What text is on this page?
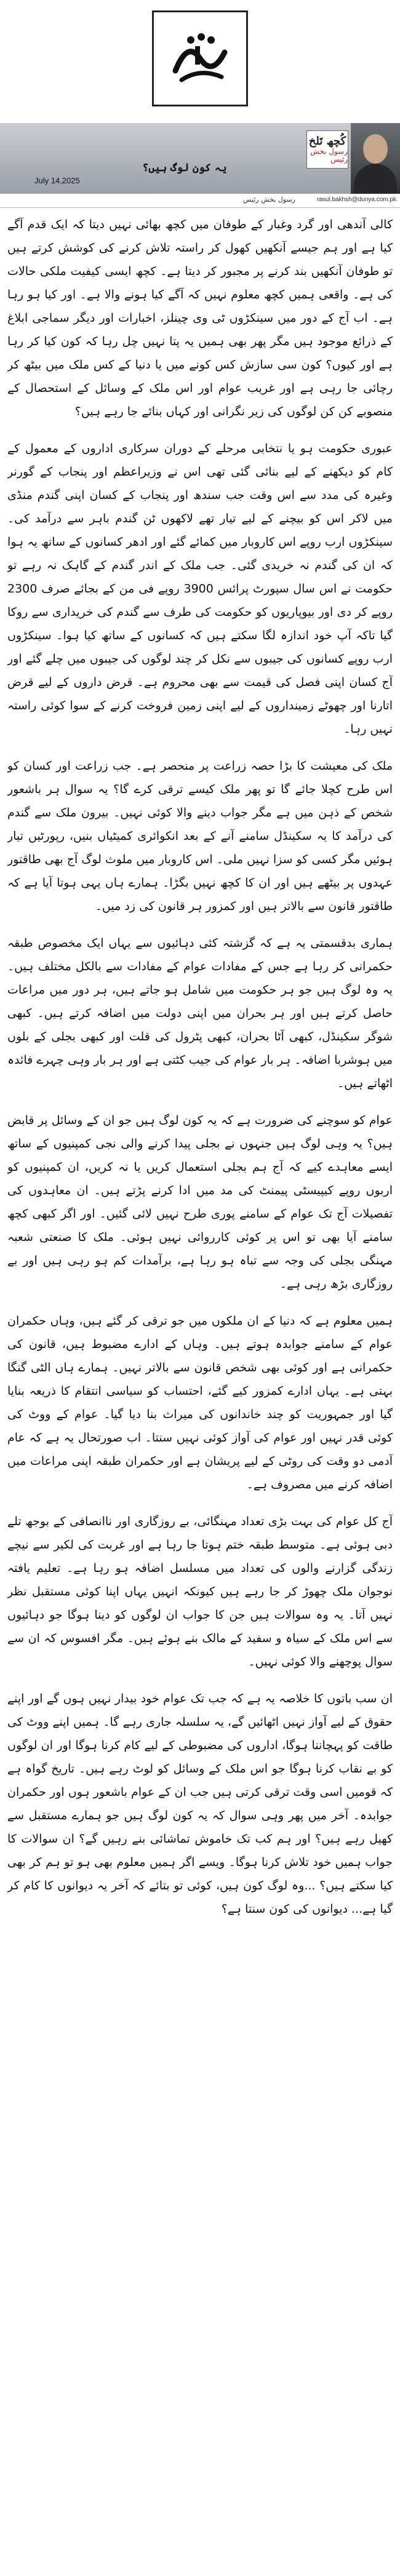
کُچھ تَلخ
رسول بخش رئیس
یہ کون لوگ ہیں؟
July 14,2025
rasul.bakhsh@dunya.com.pk
رسول بخش رئیس

کالی آندھی اور گرد وغبار کے طوفان میں کچھ بھائی نہیں دیتا کہ ایک قدم آگے کیا ہے اور ہم جیسے آنکھیں کھول کر راستہ تلاش کرنے کی کوشش کرتے ہیں تو طوفان آنکھیں بند کرنے پر مجبور کر دیتا ہے۔ کچھ ایسی کیفیت ملکی حالات کی ہے۔ واقعی ہمیں کچھ معلوم نہیں کہ آگے کیا ہونے والا ہے۔ اور کیا ہو رہا ہے۔ اب آج کے دور میں سینکڑوں ٹی وی چینلز، اخبارات اور دیگر سماجی ابلاغ کے ذرائع موجود ہیں مگر پھر بھی ہمیں یہ پتا نہیں چل رہا کہ کون کیا کر رہا ہے اور کیوں؟ کون سی سازش کس کونے میں یا دنیا کے کس ملک میں بیٹھ کر رچائی جا رہی ہے اور غریب عوام اور اس ملک کے وسائل کے استحصال کے منصوبے کن کن لوگوں کی زیر نگرانی اور کہاں بنائے جا رہے ہیں؟

عبوری حکومت ہو یا نتخابی مرحلے کے دوران سرکاری اداروں کے معمول کے کام کو دیکھنے کے لیے بنائی گئی تھی اس نے وزیراعظم اور پنجاب کے گورنر وغیرہ کی مدد سے اس وقت جب سندھ اور پنجاب کے کسان اپنی گندم منڈی میں لاکر اس کو بیچنے کے لیے تیار تھے لاکھوں ٹن گندم باہر سے درآمد کی۔ سینکڑوں ارب روپے اس کاروبار میں کمائے گئے اور ادھر کسانوں کے ساتھ یہ ہوا کہ ان کی گندم نہ خریدی گئی۔ جب ملک کے اندر گندم کے گاہک نہ رہے تو حکومت نے اس سال سپورٹ پرائس 3900 روپے فی من کے بجائے صرف 2300 روپے کر دی اور بیوپاریوں کو حکومت کی طرف سے گندم کی خریداری سے روکا گیا تاکہ آپ خود اندازہ لگا سکتے ہیں کہ کسانوں کے ساتھ کیا ہوا۔ سینکڑوں ارب روپے کسانوں کی جیبوں سے نکل کر چند لوگوں کی جیبوں میں چلے گئے اور آج کسان اپنی فصل کی قیمت سے بھی محروم ہے۔ قرض داروں کے لیے قرض اتارنا اور چھوٹے زمینداروں کے لیے اپنی زمین فروخت کرنے کے سوا کوئی راستہ نہیں رہا۔

ملک کی معیشت کا بڑا حصہ زراعت پر منحصر ہے۔ جب زراعت اور کسان کو اس طرح کچلا جائے گا تو پھر ملک کیسے ترقی کرے گا؟ یہ سوال ہر باشعور شخص کے ذہن میں ہے مگر جواب دینے والا کوئی نہیں۔ بیرون ملک سے گندم کی درآمد کا یہ سکینڈل سامنے آنے کے بعد انکوائری کمیٹیاں بنیں، رپورٹیں تیار ہوئیں مگر کسی کو سزا نہیں ملی۔ اس کاروبار میں ملوث لوگ آج بھی طاقتور عہدوں پر بیٹھے ہیں اور ان کا کچھ نہیں بگڑا۔ ہمارے ہاں یہی ہوتا آیا ہے کہ طاقتور قانون سے بالاتر ہیں اور کمزور ہر قانون کی زد میں۔

ہماری بدقسمتی یہ ہے کہ گزشتہ کئی دہائیوں سے یہاں ایک مخصوص طبقہ حکمرانی کر رہا ہے جس کے مفادات عوام کے مفادات سے بالکل مختلف ہیں۔ یہ وہ لوگ ہیں جو ہر حکومت میں شامل ہو جاتے ہیں، ہر دور میں مراعات حاصل کرتے ہیں اور ہر بحران میں اپنی دولت میں اضافہ کرتے ہیں۔ کبھی شوگر سکینڈل، کبھی آٹا بحران، کبھی پٹرول کی قلت اور کبھی بجلی کے بلوں میں ہوشربا اضافہ۔ ہر بار عوام کی جیب کٹتی ہے اور ہر بار وہی چہرے فائدہ اٹھاتے ہیں۔

عوام کو سوچنے کی ضرورت ہے کہ یہ کون لوگ ہیں جو ان کے وسائل پر قابض ہیں؟ یہ وہی لوگ ہیں جنہوں نے بجلی پیدا کرنے والی نجی کمپنیوں کے ساتھ ایسے معاہدے کیے کہ آج ہم بجلی استعمال کریں یا نہ کریں، ان کمپنیوں کو اربوں روپے کیپیسٹی پیمنٹ کی مد میں ادا کرنے پڑتے ہیں۔ ان معاہدوں کی تفصیلات آج تک عوام کے سامنے پوری طرح نہیں لائی گئیں۔ اور اگر کبھی کچھ سامنے آیا بھی تو اس پر کوئی کارروائی نہیں ہوئی۔ ملک کا صنعتی شعبہ مہنگی بجلی کی وجہ سے تباہ ہو رہا ہے، برآمدات کم ہو رہی ہیں اور بے روزگاری بڑھ رہی ہے۔

ہمیں معلوم ہے کہ دنیا کے ان ملکوں میں جو ترقی کر گئے ہیں، وہاں حکمران عوام کے سامنے جوابدہ ہوتے ہیں۔ وہاں کے ادارے مضبوط ہیں، قانون کی حکمرانی ہے اور کوئی بھی شخص قانون سے بالاتر نہیں۔ ہمارے ہاں الٹی گنگا بہتی ہے۔ یہاں ادارے کمزور کیے گئے، احتساب کو سیاسی انتقام کا ذریعہ بنایا گیا اور جمہوریت کو چند خاندانوں کی میراث بنا دیا گیا۔ عوام کے ووٹ کی کوئی قدر نہیں اور عوام کی آواز کوئی نہیں سنتا۔ اب صورتحال یہ ہے کہ عام آدمی دو وقت کی روٹی کے لیے پریشان ہے اور حکمران طبقہ اپنی مراعات میں اضافہ کرنے میں مصروف ہے۔

آج کل عوام کی بہت بڑی تعداد مہنگائی، بے روزگاری اور ناانصافی کے بوجھ تلے دبی ہوئی ہے۔ متوسط طبقہ ختم ہوتا جا رہا ہے اور غربت کی لکیر سے نیچے زندگی گزارنے والوں کی تعداد میں مسلسل اضافہ ہو رہا ہے۔ تعلیم یافتہ نوجوان ملک چھوڑ کر جا رہے ہیں کیونکہ انہیں یہاں اپنا کوئی مستقبل نظر نہیں آتا۔ یہ وہ سوالات ہیں جن کا جواب ان لوگوں کو دینا ہوگا جو دہائیوں سے اس ملک کے سیاہ و سفید کے مالک بنے ہوئے ہیں۔ مگر افسوس کہ ان سے سوال پوچھنے والا کوئی نہیں۔

ان سب باتوں کا خلاصہ یہ ہے کہ جب تک عوام خود بیدار نہیں ہوں گے اور اپنے حقوق کے لیے آواز نہیں اٹھائیں گے، یہ سلسلہ جاری رہے گا۔ ہمیں اپنے ووٹ کی طاقت کو پہچاننا ہوگا، اداروں کی مضبوطی کے لیے کام کرنا ہوگا اور ان لوگوں کو بے نقاب کرنا ہوگا جو اس ملک کے وسائل کو لوٹ رہے ہیں۔ تاریخ گواہ ہے کہ قومیں اسی وقت ترقی کرتی ہیں جب ان کے عوام باشعور ہوں اور حکمران جوابدہ۔ آخر میں پھر وہی سوال کہ یہ کون لوگ ہیں جو ہمارے مستقبل سے کھیل رہے ہیں؟ اور ہم کب تک خاموش تماشائی بنے رہیں گے؟ ان سوالات کا جواب ہمیں خود تلاش کرنا ہوگا۔ ویسے اگر ہمیں معلوم بھی ہو تو ہم کر بھی کیا سکتے ہیں؟ ...وہ لوگ کون ہیں، کوئی تو بتائے کہ آخر یہ دیوانوں کا کام کر گیا ہے... دیوانوں کی کون سنتا ہے؟
